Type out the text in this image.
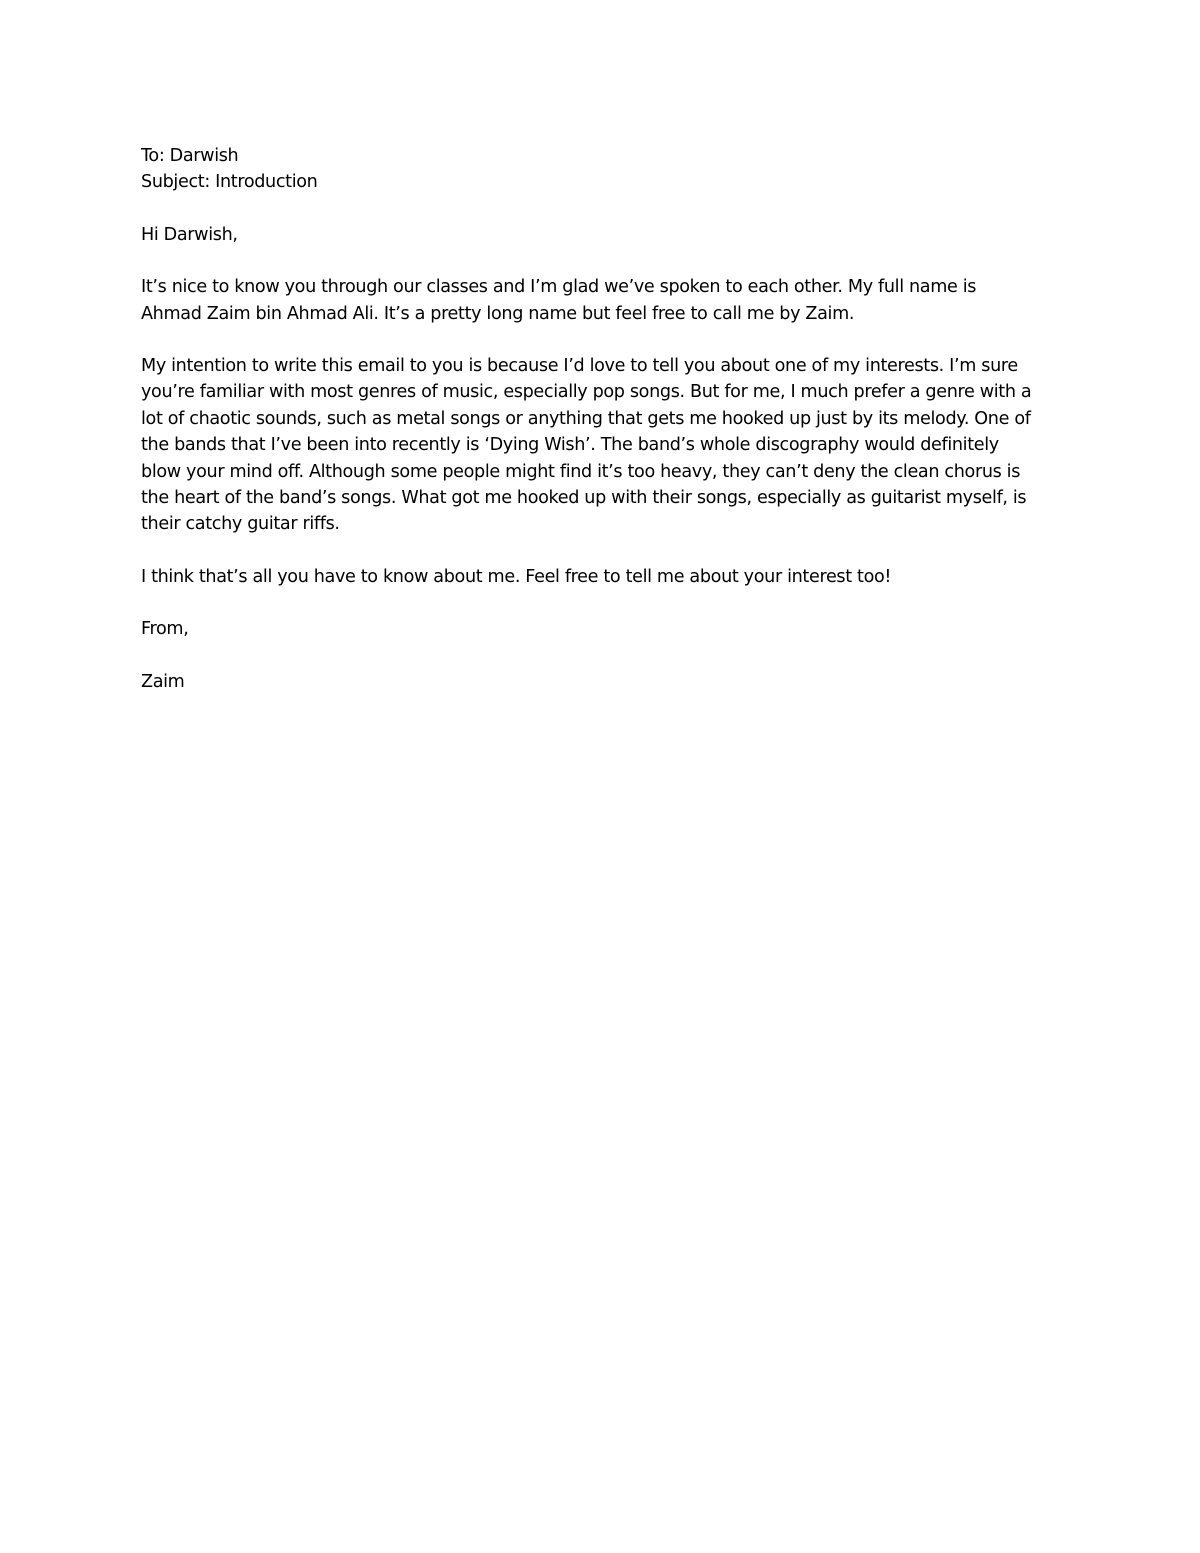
To: Darwish

Subject: Introduction

Hi Darwish,

It’s nice to know you through our classes and I’m glad we’ve spoken to each other. My full name is

Ahmad Zaim bin Ahmad Ali. It’s a pretty long name but feel free to call me by Zaim.

My intention to write this email to you is because I’d love to tell you about one of my interests. I’m sure

you’re familiar with most genres of music, especially pop songs. But for me, I much prefer a genre with a

lot of chaotic sounds, such as metal songs or anything that gets me hooked up just by its melody. One of

the bands that I’ve been into recently is ‘Dying Wish’. The band’s whole discography would definitely

blow your mind off. Although some people might find it’s too heavy, they can’t deny the clean chorus is

the heart of the band’s songs. What got me hooked up with their songs, especially as guitarist myself, is

their catchy guitar riffs.

I think that’s all you have to know about me. Feel free to tell me about your interest too!

From,

Zaim
